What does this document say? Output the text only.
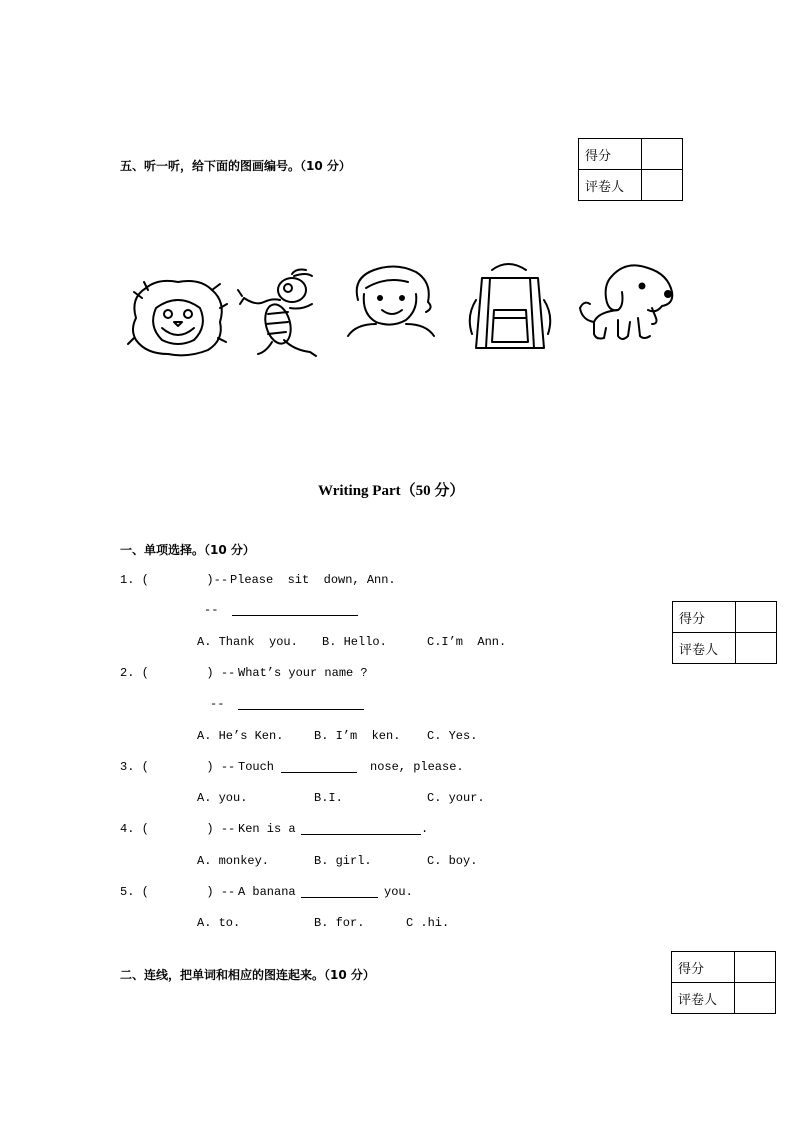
五、听一听，给下面的图画编号。（10 分）
得分	
评卷人	
Writing Part（50 分）
一、单项选择。（10 分）
得分	
评卷人	
1. (        )-- Please  sit  down, Ann.
--
A. Thank  you. B. Hello.	C.I’m  Ann.
2. (        ) -- What’s your name ?
--
A. He’s Ken.	B. I’m  ken. C. Yes.
3. (        ) -- Touch	nose, please.
A. you.	B.I.	C. your.
4. (        ) -- Ken is a	.
A. monkey.	B. girl.	C. boy.
5. (        ) -- A banana	you.
A. to.	B. for.	C .hi.
二、连线，把单词和相应的图连起来。（10 分）	得分	
评卷人	
